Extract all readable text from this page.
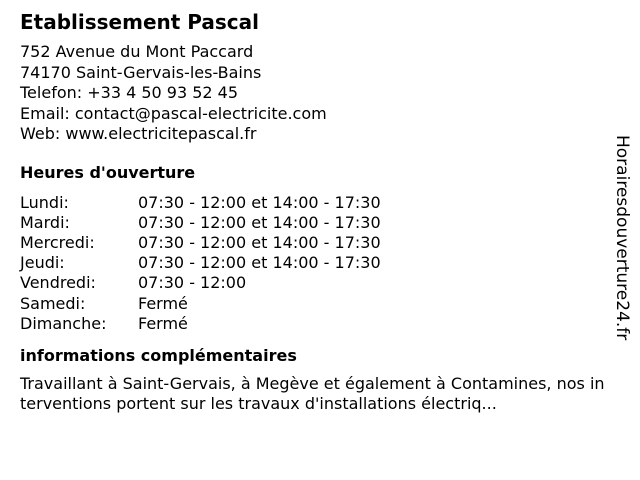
Etablissement Pascal
752 Avenue du Mont Paccard
74170 Saint-Gervais-les-Bains
Telefon: +33 4 50 93 52 45
Email: contact@pascal-electricite.com
Web: www.electricitepascal.fr
Heures d'ouverture
Lundi:	07:30 - 12:00 et 14:00 - 17:30
Mardi:	07:30 - 12:00 et 14:00 - 17:30
Mercredi:	07:30 - 12:00 et 14:00 - 17:30
Jeudi:	07:30 - 12:00 et 14:00 - 17:30
Vendredi:	07:30 - 12:00
Samedi:	Fermé
Dimanche:	Fermé
informations complémentaires
Travaillant à Saint-Gervais, à Megève et également à Contamines, nos interventions portent sur les travaux d'installations électriq...
Horairesdouverture24.fr
